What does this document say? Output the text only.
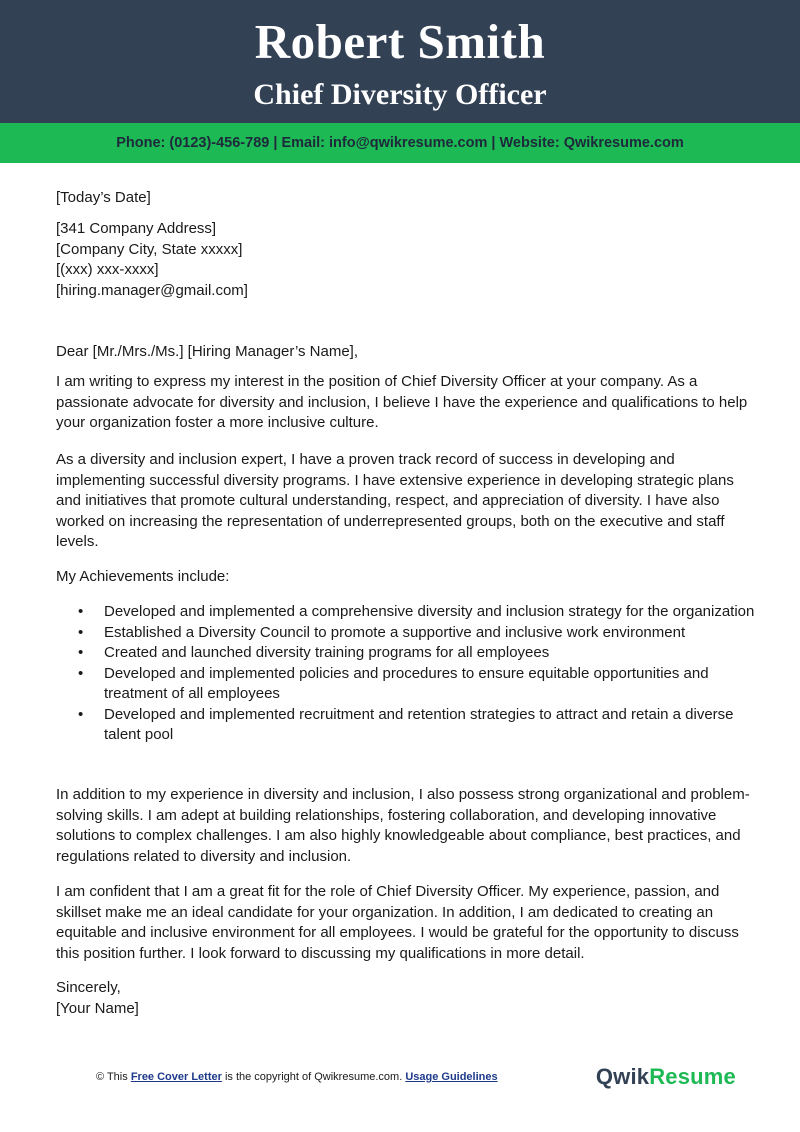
Robert Smith
Chief Diversity Officer
Phone: (0123)-456-789 | Email: info@qwikresume.com | Website: Qwikresume.com
[Today’s Date]

[341 Company Address]

[Company City, State xxxxx]

[(xxx) xxx-xxxx]

[hiring.manager@gmail.com]

Dear [Mr./Mrs./Ms.] [Hiring Manager’s Name],
I am writing to express my interest in the position of Chief Diversity Officer at your company. As a passionate advocate for diversity and inclusion, I believe I have the experience and qualifications to help your organization foster a more inclusive culture.
As a diversity and inclusion expert, I have a proven track record of success in developing and implementing successful diversity programs. I have extensive experience in developing strategic plans and initiatives that promote cultural understanding, respect, and appreciation of diversity. I have also worked on increasing the representation of underrepresented groups, both on the executive and staff levels.
My Achievements include:
• Developed and implemented a comprehensive diversity and inclusion strategy for the organization
• Established a Diversity Council to promote a supportive and inclusive work environment
• Created and launched diversity training programs for all employees
• Developed and implemented policies and procedures to ensure equitable opportunities and treatment of all employees
• Developed and implemented recruitment and retention strategies to attract and retain a diverse talent pool
In addition to my experience in diversity and inclusion, I also possess strong organizational and problem-solving skills. I am adept at building relationships, fostering collaboration, and developing innovative solutions to complex challenges. I am also highly knowledgeable about compliance, best practices, and regulations related to diversity and inclusion.
I am confident that I am a great fit for the role of Chief Diversity Officer. My experience, passion, and skillset make me an ideal candidate for your organization. In addition, I am dedicated to creating an equitable and inclusive environment for all employees. I would be grateful for the opportunity to discuss this position further. I look forward to discussing my qualifications in more detail.

Sincerely,

[Your Name]

© This Free Cover Letter is the copyright of Qwikresume.com. Usage Guidelines	QwikResume
